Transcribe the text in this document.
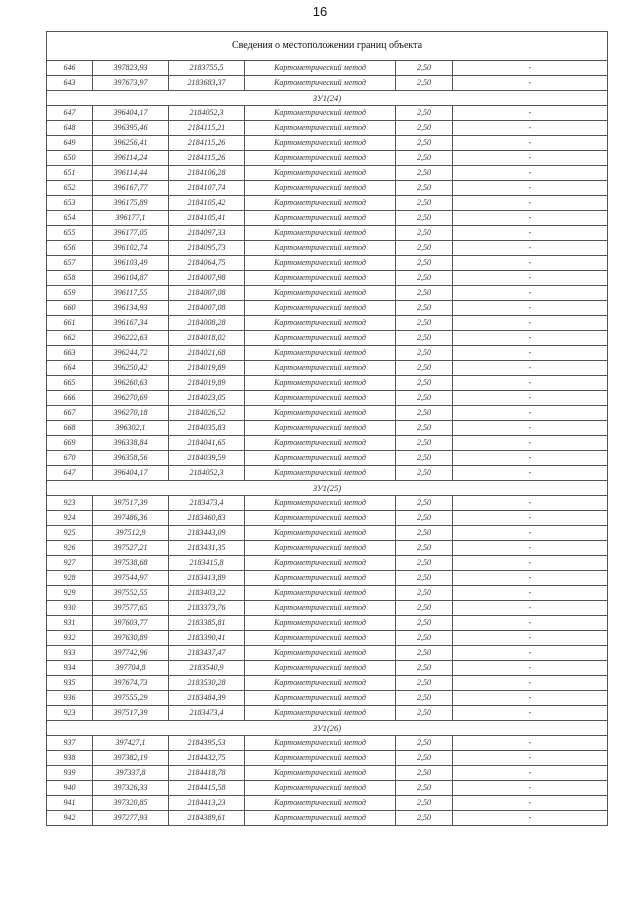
16
Сведения о местоположении границ объекта					
646	397823,93	2183755,5	Картометрический метод	2,50	-
643	397673,97	2183683,37	Картометрический метод	2,50	-
ЗУ1(24)					
647	396404,17	2184052,3	Картометрический метод	2,50	-
648	396395,46	2184115,21	Картометрический метод	2,50	-
649	396256,41	2184115,26	Картометрический метод	2,50	-
650	396114,24	2184115,26	Картометрический метод	2,50	-
651	396114,44	2184106,28	Картометрический метод	2,50	-
652	396167,77	2184107,74	Картометрический метод	2,50	-
653	396175,89	2184105,42	Картометрический метод	2,50	-
654	396177,1	2184105,41	Картометрический метод	2,50	-
655	396177,05	2184097,33	Картометрический метод	2,50	-
656	396102,74	2184095,73	Картометрический метод	2,50	-
657	396103,49	2184064,75	Картометрический метод	2,50	-
658	396104,87	2184007,98	Картометрический метод	2,50	-
659	396117,55	2184007,08	Картометрический метод	2,50	-
660	396134,93	2184007,08	Картометрический метод	2,50	-
661	396167,34	2184008,28	Картометрический метод	2,50	-
662	396222,63	2184018,02	Картометрический метод	2,50	-
663	396244,72	2184021,68	Картометрический метод	2,50	-
664	396250,42	2184019,89	Картометрический метод	2,50	-
665	396260,63	2184019,89	Картометрический метод	2,50	-
666	396270,69	2184023,05	Картометрический метод	2,50	-
667	396270,18	2184026,52	Картометрический метод	2,50	-
668	396302,1	2184035,83	Картометрический метод	2,50	-
669	396338,84	2184041,65	Картометрический метод	2,50	-
670	396358,56	2184039,59	Картометрический метод	2,50	-
647	396404,17	2184052,3	Картометрический метод	2,50	-
ЗУ1(25)					
923	397517,39	2183473,4	Картометрический метод	2,50	-
924	397486,36	2183460,83	Картометрический метод	2,50	-
925	397512,9	2183443,09	Картометрический метод	2,50	-
926	397527,21	2183431,35	Картометрический метод	2,50	-
927	397538,68	2183415,8	Картометрический метод	2,50	-
928	397544,97	2183413,89	Картометрический метод	2,50	-
929	397552,55	2183403,22	Картометрический метод	2,50	-
930	397577,65	2183373,76	Картометрический метод	2,50	-
931	397603,77	2183385,81	Картометрический метод	2,50	-
932	397630,89	2183390,41	Картометрический метод	2,50	-
933	397742,96	2183437,47	Картометрический метод	2,50	-
934	397704,8	2183540,9	Картометрический метод	2,50	-
935	397674,73	2183530,28	Картометрический метод	2,50	-
936	397555,29	2183484,39	Картометрический метод	2,50	-
923	397517,39	2183473,4	Картометрический метод	2,50	-
ЗУ1(26)					
937	397427,1	2184395,53	Картометрический метод	2,50	-
938	397382,19	2184432,75	Картометрический метод	2,50	-
939	397337,8	2184418,78	Картометрический метод	2,50	-
940	397326,33	2184415,58	Картометрический метод	2,50	-
941	397320,85	2184413,23	Картометрический метод	2,50	-
942	397277,93	2184389,61	Картометрический метод	2,50	-
